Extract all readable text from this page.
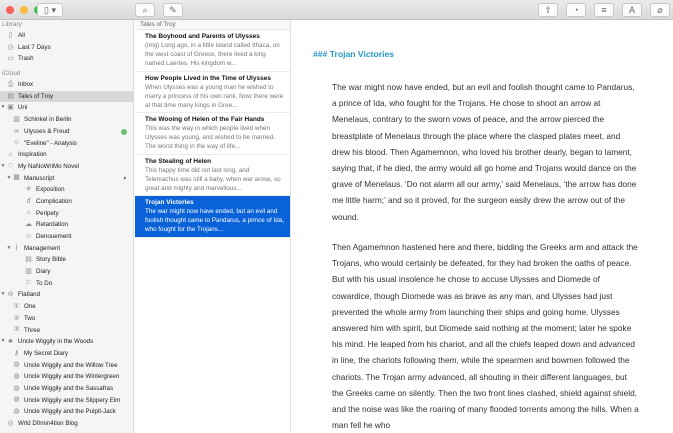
▯ ▾	⌕ ✎	⇧ ◔	≡ A ⌀
Library
▯ All
◷ Last 7 Days
▭ Trash
iCloud
⎙ Inbox
▤ Tales of Troy
▼ ▣ Uni
▥ Schinkel in Berlin
∞ Ulysses & Freud
☺ "Eveline" - Analysis
☼ Inspiration
▼ ♡ My NaNoWriMo Novel
▼ ▦ Manuscript	◗
✳ Exposition
ɗ Complication
⌂ Peripety
☁ Retardation
☺ Denouement
▼ ⌇ Management
▤ Story Bible
▥ Diary
⚐ To Do
▼ ⊖ Flatland
① One
② Two
③ Three
▼ ♣ Uncle Wiggily in the Woods
⚷ My Secret Diary
◍ Uncle Wiggily and the Willow Tree
◍ Uncle Wiggily and the Wintergreen
◍ Uncle Wiggily and the Sassafras
◍ Uncle Wiggily and the Slippery Elm
◍ Uncle Wiggily and the Pulpit-Jack
◎ Wrld D0min4tion Blog
Tales of Troy
The Boyhood and Parents of Ulysses
(img) Long ago, in a little island called Ithaca, on the west coast of Greece, there lived a king named Laertes. His kingdom w...
How People Lived in the Time of Ulysses
When Ulysses was a young man he wished to marry a princess of his own rank. Now there were at that time many kings in Gree...
The Wooing of Helen of the Fair Hands
This was the way in which people lived when Ulysses was young, and wished to be married. The worst thing in the way of life...
The Stealing of Helen
This happy time did not last long, and Telemachus was still a baby, when war arose, so great and mighty and marvellous...
Trojan Victories
The war might now have ended, but an evil and foolish thought came to Pandarus, a prince of Ida, who fought for the Trojans...
### Trojan Victories
The war might now have ended, but an evil and foolish thought came to Pandarus, a prince of Ida, who fought for the Trojans. He chose to shoot an arrow at Menelaus, contrary to the sworn vows of peace, and the arrow pierced the breastplate of Menelaus through the place where the clasped plates meet, and drew his blood. Then Agamemnon, who loved his brother dearly, began to lament, saying that, if he died, the army would all go home and Trojans would dance on the grave of Menelaus. ‘Do not alarm all our army,’ said Menelaus, ‘the arrow has done me little harm;’ and so it proved, for the surgeon easily drew the arrow out of the wound.
Then Agamemnon hastened here and there, bidding the Greeks arm and attack the Trojans, who would certainly be defeated, for they had broken the oaths of peace. But with his usual insolence he chose to accuse Ulysses and Diomede of cowardice, though Diomede was as brave as any man, and Ulysses had just prevented the whole army from launching their ships and going home. Ulysses answered him with spirit, but Diomede said nothing at the moment; later he spoke his mind. He leaped from his chariot, and all the chiefs leaped down and advanced in line, the chariots following them, while the spearmen and bowmen followed the chariots. The Trojan army advanced, all shouting in their different languages, but the Greeks came on silently. Then the two front lines clashed, shield against shield, and the noise was like the roaring of many flooded torrents among the hills. When a man fell he who
